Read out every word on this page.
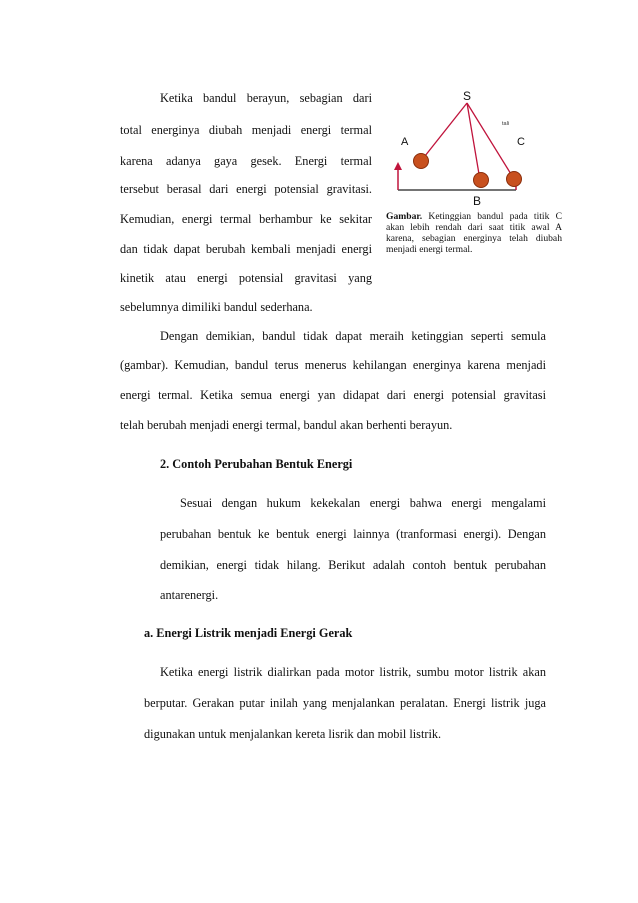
Ketika bandul berayun, sebagian dari
total energinya diubah menjadi energi termal
karena adanya gaya gesek. Energi termal
tersebut berasal dari energi potensial gravitasi.
Kemudian, energi termal berhambur ke sekitar
dan tidak dapat berubah kembali menjadi energi
kinetik atau energi potensial gravitasi yang
sebelumnya dimiliki bandul sederhana.
S
A	C
B
tali
Gambar. Ketinggian bandul pada titik C
akan lebih rendah dari saat titik awal A
karena, sebagian energinya telah diubah
menjadi energi termal.
Dengan demikian, bandul tidak dapat meraih ketinggian seperti semula
(gambar). Kemudian, bandul terus menerus kehilangan energinya karena menjadi
energi termal. Ketika semua energi yan didapat dari energi potensial gravitasi
telah berubah menjadi energi termal, bandul akan berhenti berayun.
2. Contoh Perubahan Bentuk Energi
Sesuai dengan hukum kekekalan energi bahwa energi mengalami
perubahan bentuk ke bentuk energi lainnya (tranformasi energi). Dengan
demikian, energi tidak hilang. Berikut adalah contoh bentuk perubahan
antarenergi.
a. Energi Listrik menjadi Energi Gerak
Ketika energi listrik dialirkan pada motor listrik, sumbu motor listrik akan
berputar. Gerakan putar inilah yang menjalankan peralatan. Energi listrik juga
digunakan untuk menjalankan kereta lisrik dan mobil listrik.
